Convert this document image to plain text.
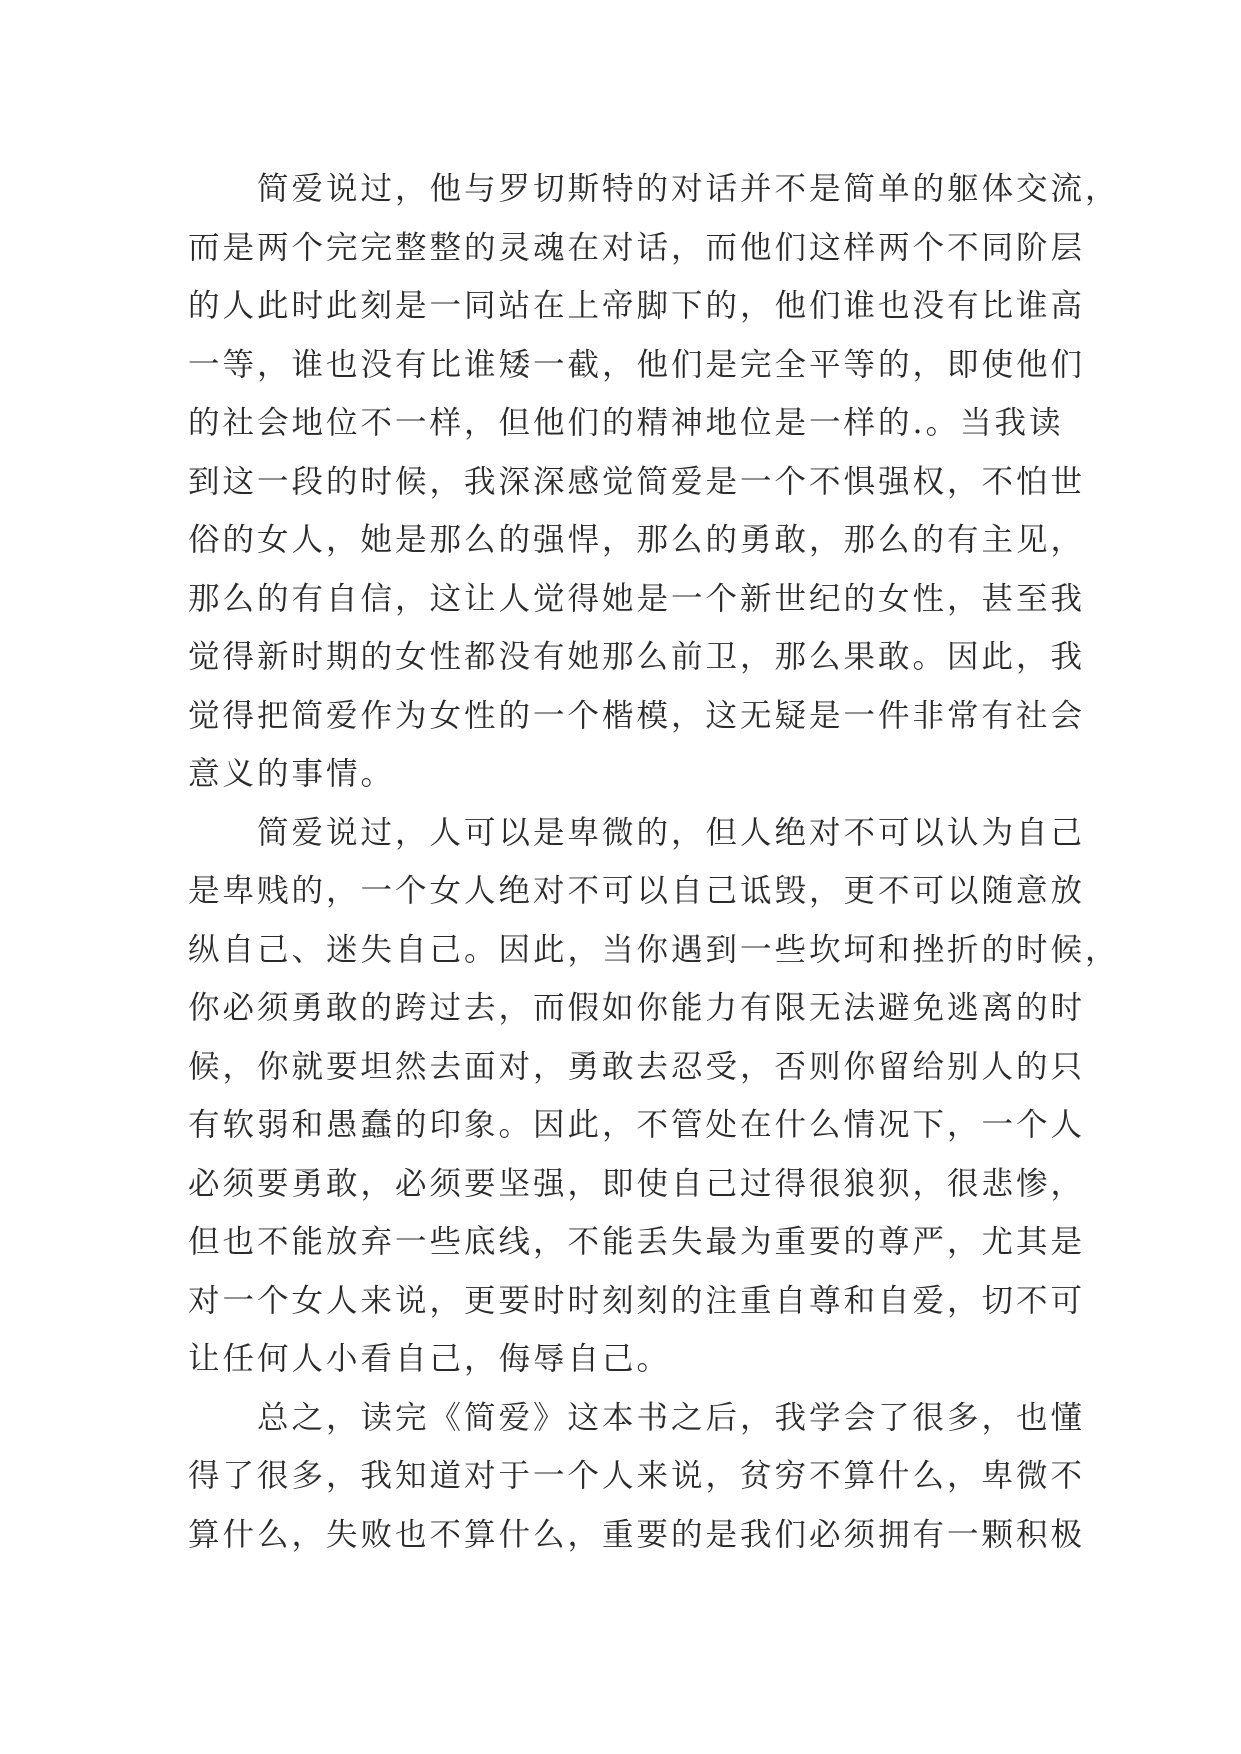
　　简爱说过，他与罗切斯特的对话并不是简单的躯体交流，
而是两个完完整整的灵魂在对话，而他们这样两个不同阶层
的人此时此刻是一同站在上帝脚下的，他们谁也没有比谁高
一等，谁也没有比谁矮一截，他们是完全平等的，即使他们
的社会地位不一样，但他们的精神地位是一样的.。当我读
到这一段的时候，我深深感觉简爱是一个不惧强权，不怕世
俗的女人，她是那么的强悍，那么的勇敢，那么的有主见，
那么的有自信，这让人觉得她是一个新世纪的女性，甚至我
觉得新时期的女性都没有她那么前卫，那么果敢。因此，我
觉得把简爱作为女性的一个楷模，这无疑是一件非常有社会
意义的事情。
　　简爱说过，人可以是卑微的，但人绝对不可以认为自己
是卑贱的，一个女人绝对不可以自己诋毁，更不可以随意放
纵自己、迷失自己。因此，当你遇到一些坎坷和挫折的时候，
你必须勇敢的跨过去，而假如你能力有限无法避免逃离的时
候，你就要坦然去面对，勇敢去忍受，否则你留给别人的只
有软弱和愚蠢的印象。因此，不管处在什么情况下，一个人
必须要勇敢，必须要坚强，即使自己过得很狼狈，很悲惨，
但也不能放弃一些底线，不能丢失最为重要的尊严，尤其是
对一个女人来说，更要时时刻刻的注重自尊和自爱，切不可
让任何人小看自己，侮辱自己。
　　总之，读完《简爱》这本书之后，我学会了很多，也懂
得了很多，我知道对于一个人来说，贫穷不算什么，卑微不
算什么，失败也不算什么，重要的是我们必须拥有一颗积极
